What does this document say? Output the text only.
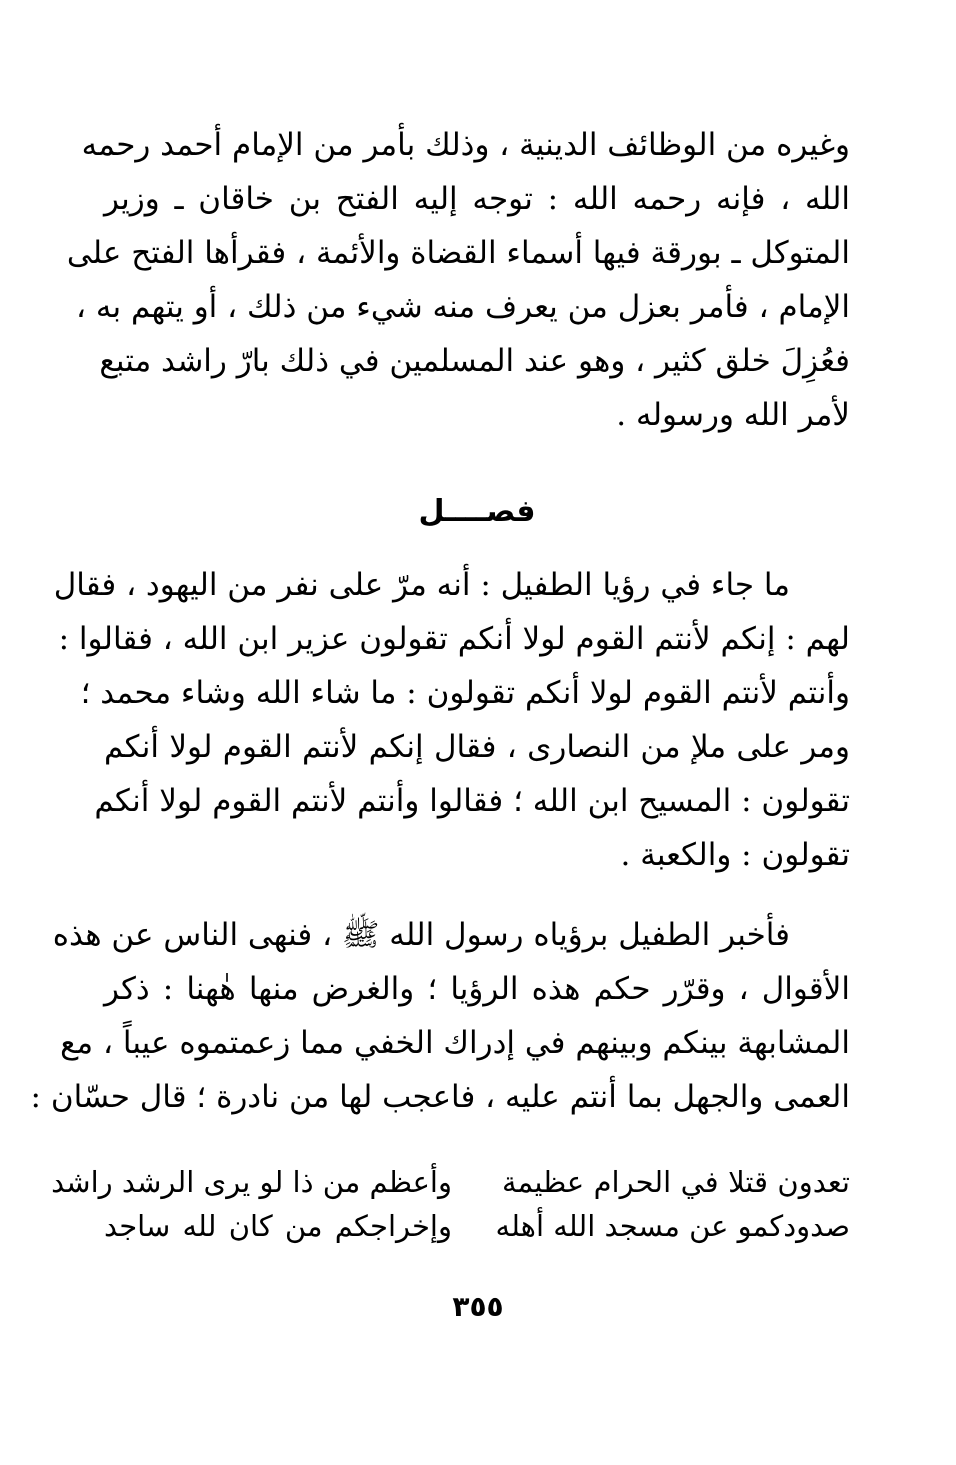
وغيره من الوظائف الدينية ، وذلك بأمر من الإمام أحمد رحمه
الله ، فإنه رحمه الله : توجه إليه الفتح بن خاقان ـ وزير
المتوكل ـ بورقة فيها أسماء القضاة والأئمة ، فقرأها الفتح على
الإمام ، فأمر بعزل من يعرف منه شيء من ذلك ، أو يتهم به ،
فعُزِلَ خلق كثير ، وهو عند المسلمين في ذلك بارّ راشد متبع
لأمر الله ورسوله .
فصــــل
ما جاء في رؤيا الطفيل : أنه مرّ على نفر من اليهود ، فقال
لهم : إنكم لأنتم القوم لولا أنكم تقولون عزير ابن الله ، فقالوا :
وأنتم لأنتم القوم لولا أنكم تقولون : ما شاء الله وشاء محمد ؛
ومر على ملإ من النصارى ، فقال إنكم لأنتم القوم لولا أنكم
تقولون : المسيح ابن الله ؛ فقالوا وأنتم لأنتم القوم لولا أنكم
تقولون : والكعبة .
فأخبر الطفيل برؤياه رسول الله ﷺ ، فنهى الناس عن هذه
الأقوال ، وقرّر حكم هذه الرؤيا ؛ والغرض منها هٰهنا : ذكر
المشابهة بينكم وبينهم في إدراك الخفي مما زعمتموه عيباً ، مع
العمى والجهل بما أنتم عليه ، فاعجب لها من نادرة ؛ قال حسّان :
تعدون قتلا في الحرام عظيمة
وأعظم من ذا لو يرى الرشد راشد
صدودكمو عن مسجد الله أهله
وإخراجكم من كان لله ساجد
٣٥٥
